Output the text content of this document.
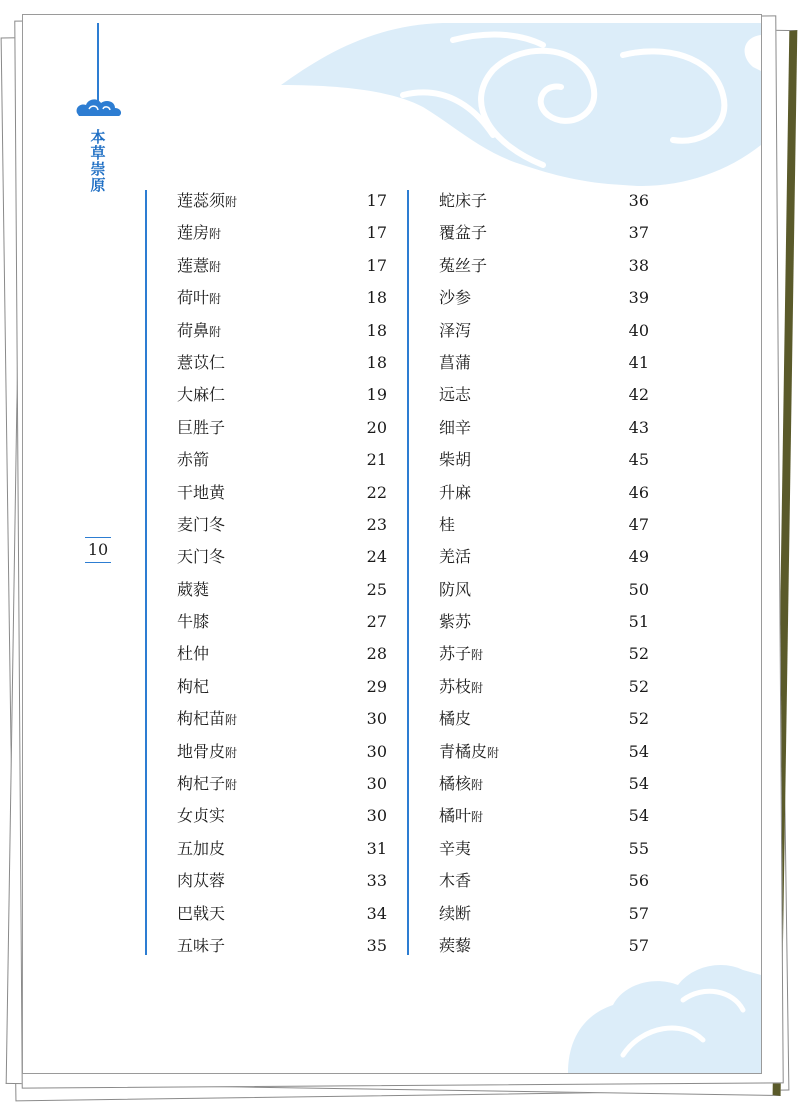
本草崇原
10
莲蕊须附	17
莲房附	17
莲薏附	17
荷叶附	18
荷鼻附	18
薏苡仁	18
大麻仁	19
巨胜子	20
赤箭	21
干地黄	22
麦门冬	23
天门冬	24
葳蕤	25
牛膝	27
杜仲	28
枸杞	29
枸杞苗附	30
地骨皮附	30
枸杞子附	30
女贞实	30
五加皮	31
肉苁蓉	33
巴戟天	34
五味子	35
蛇床子	36
覆盆子	37
菟丝子	38
沙参	39
泽泻	40
菖蒲	41
远志	42
细辛	43
柴胡	45
升麻	46
桂	47
羌活	49
防风	50
紫苏	51
苏子附	52
苏枝附	52
橘皮	52
青橘皮附	54
橘核附	54
橘叶附	54
辛夷	55
木香	56
续断	57
蒺藜	57
